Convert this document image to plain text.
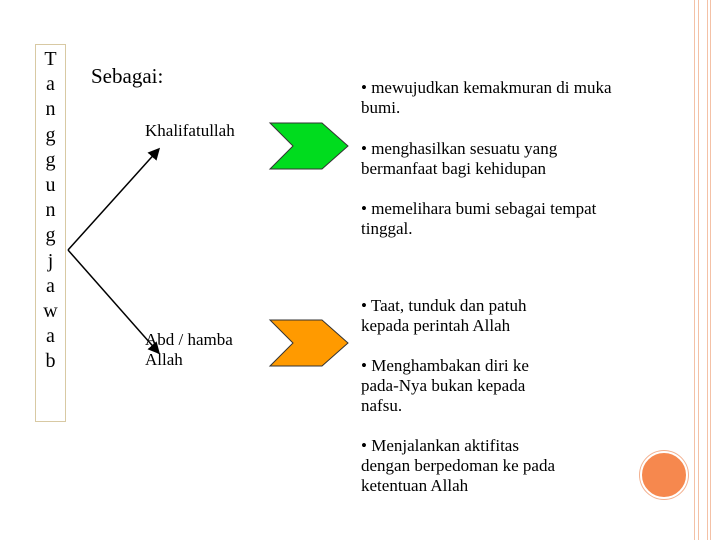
T
a
n
g
g
u
n
g
j
a
w
a
b
Sebagai:
Khalifatullah
Abd / hamba Allah

• mewujudkan kemakmuran di muka bumi.

• menghasilkan sesuatu yang bermanfaat bagi kehidupan

• memelihara bumi sebagai tempat tinggal.

• Taat, tunduk dan patuh kepada perintah Allah

• Menghambakan diri ke pada-Nya bukan kepada nafsu.

• Menjalankan aktifitas dengan berpedoman ke pada ketentuan Allah
